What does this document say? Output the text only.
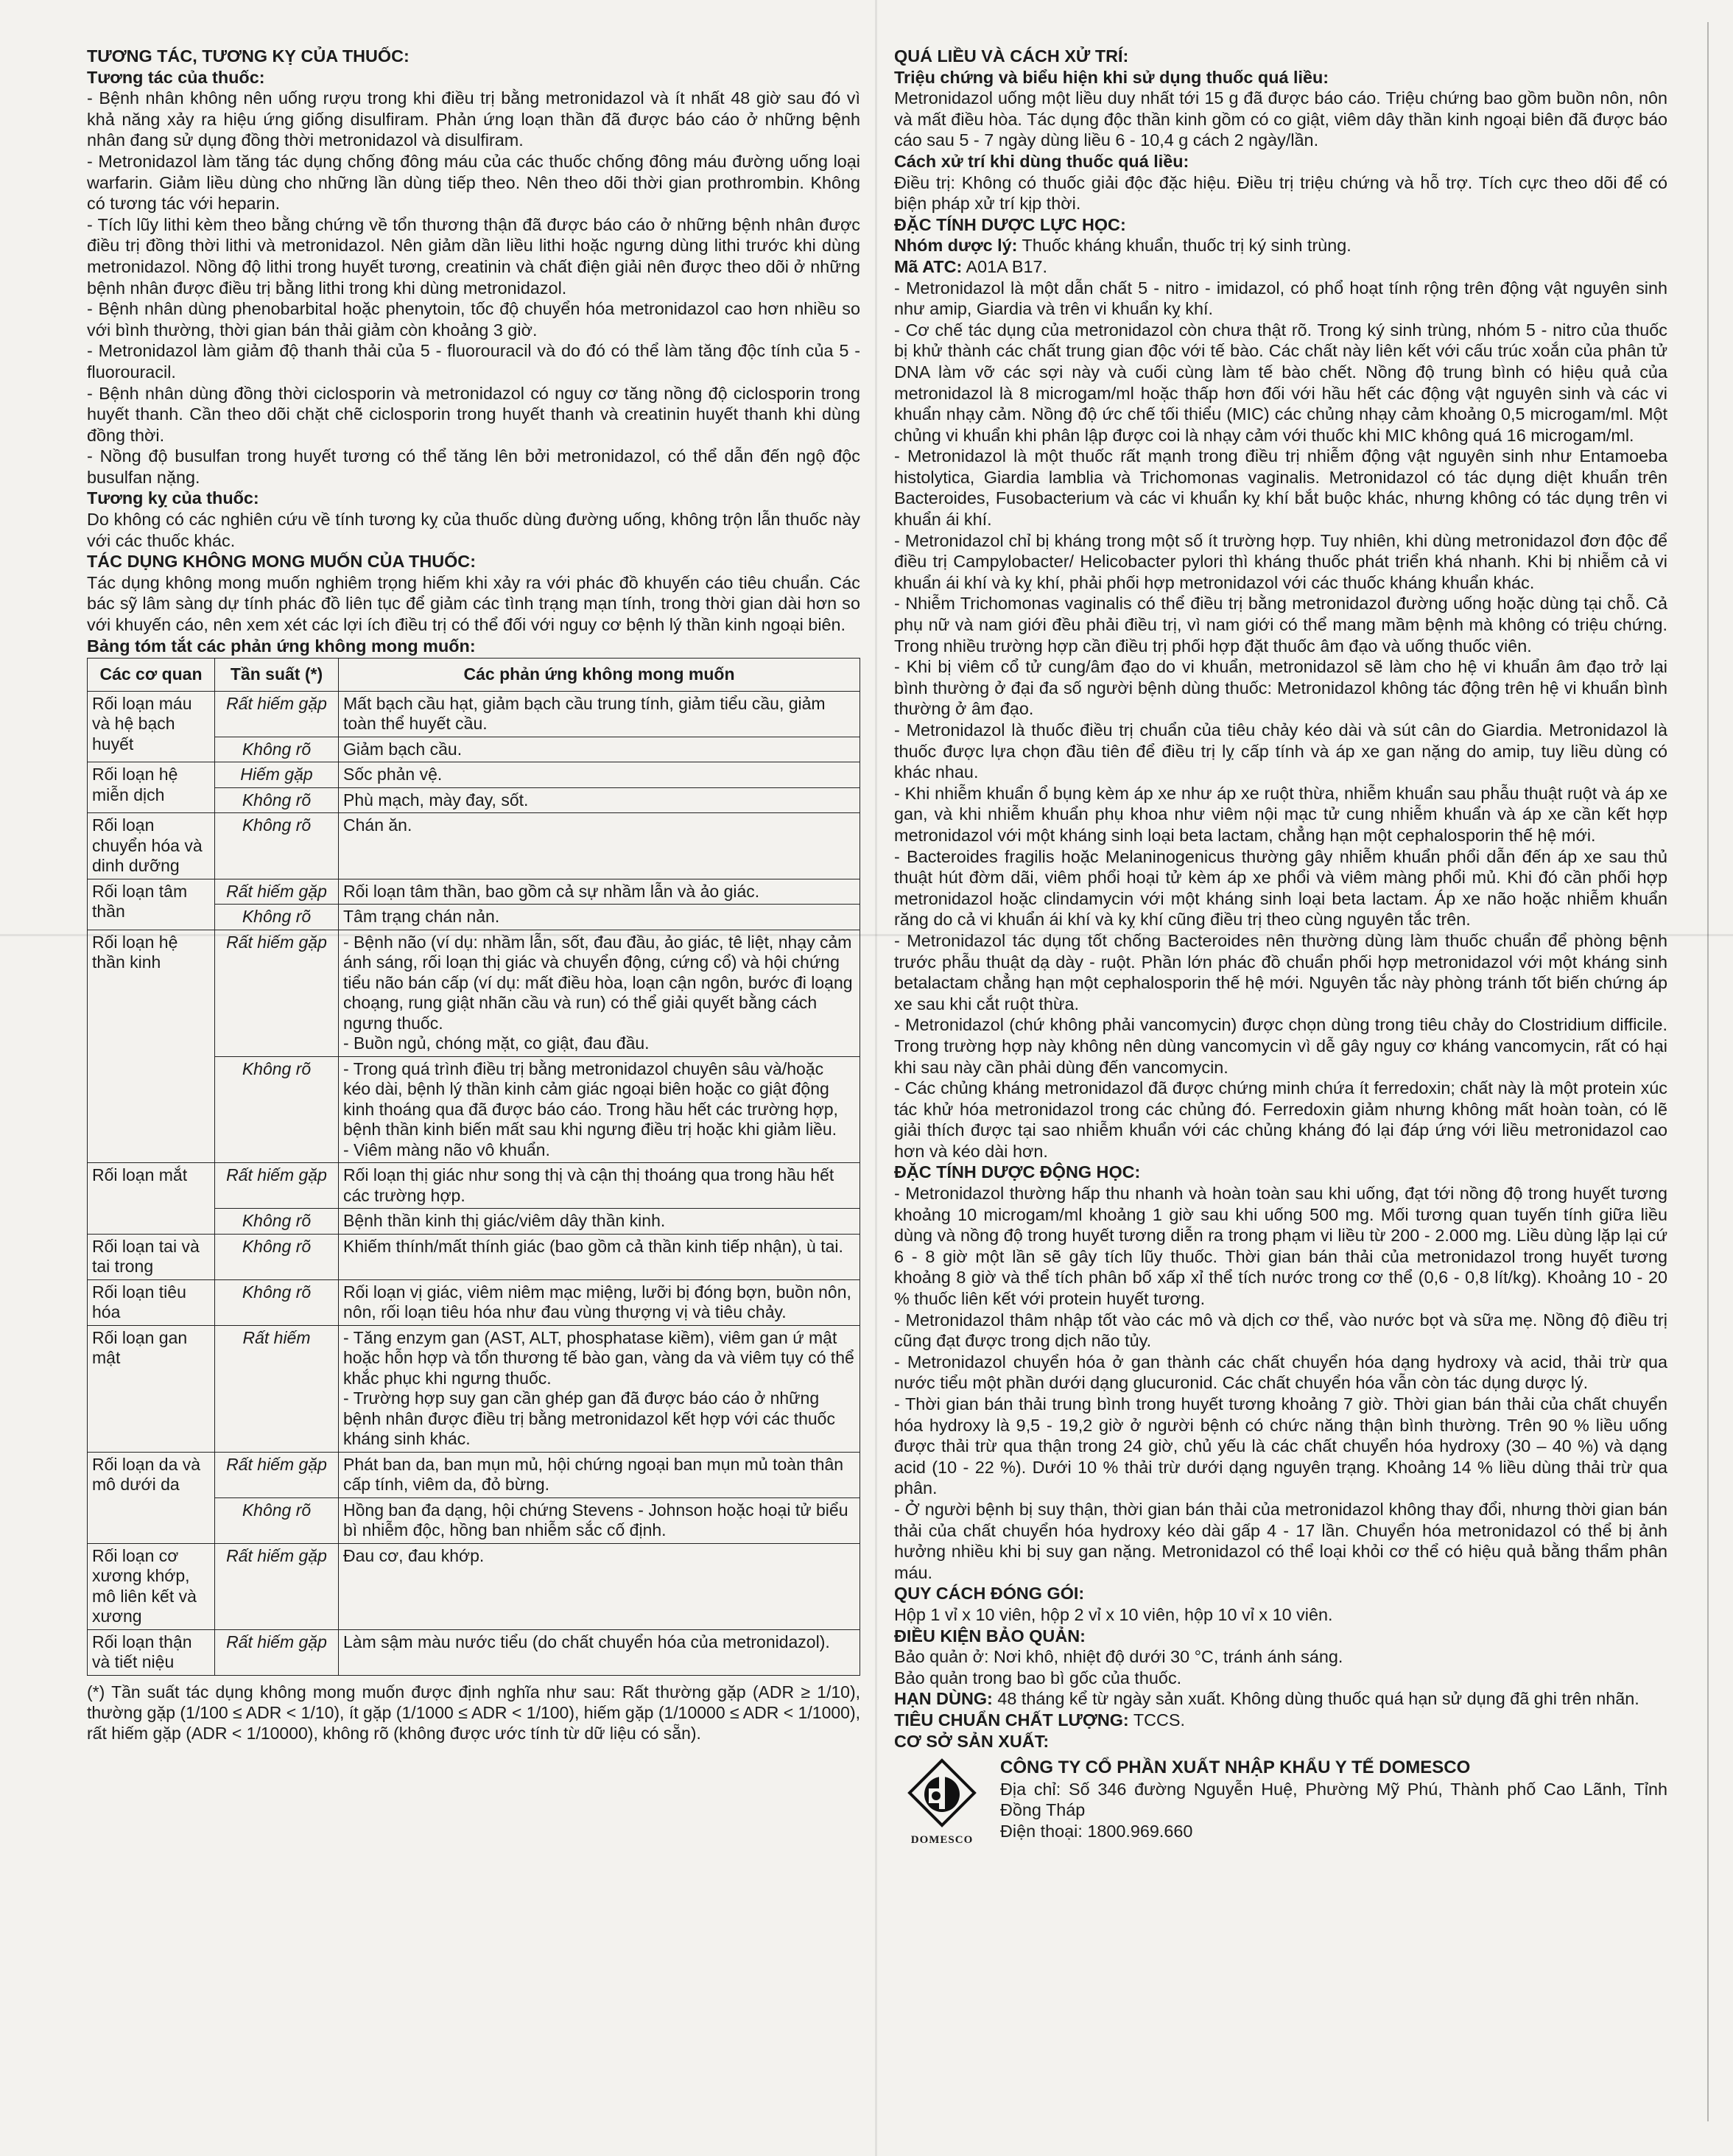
TƯƠNG TÁC, TƯƠNG KỴ CỦA THUỐC:

Tương tác của thuốc:

- Bệnh nhân không nên uống rượu trong khi điều trị bằng metronidazol và ít nhất 48 giờ sau đó vì khả năng xảy ra hiệu ứng giống disulfiram. Phản ứng loạn thần đã được báo cáo ở những bệnh nhân đang sử dụng đồng thời metronidazol và disulfiram.

- Metronidazol làm tăng tác dụng chống đông máu của các thuốc chống đông máu đường uống loại warfarin. Giảm liều dùng cho những lần dùng tiếp theo. Nên theo dõi thời gian prothrombin. Không có tương tác với heparin.

- Tích lũy lithi kèm theo bằng chứng về tổn thương thận đã được báo cáo ở những bệnh nhân được điều trị đồng thời lithi và metronidazol. Nên giảm dần liều lithi hoặc ngưng dùng lithi trước khi dùng metronidazol. Nồng độ lithi trong huyết tương, creatinin và chất điện giải nên được theo dõi ở những bệnh nhân được điều trị bằng lithi trong khi dùng metronidazol.

- Bệnh nhân dùng phenobarbital hoặc phenytoin, tốc độ chuyển hóa metronidazol cao hơn nhiều so với bình thường, thời gian bán thải giảm còn khoảng 3 giờ.

- Metronidazol làm giảm độ thanh thải của 5 - fluorouracil và do đó có thể làm tăng độc tính của 5 - fluorouracil.

- Bệnh nhân dùng đồng thời ciclosporin và metronidazol có nguy cơ tăng nồng độ ciclosporin trong huyết thanh. Cần theo dõi chặt chẽ ciclosporin trong huyết thanh và creatinin huyết thanh khi dùng đồng thời.

- Nồng độ busulfan trong huyết tương có thể tăng lên bởi metronidazol, có thể dẫn đến ngộ độc busulfan nặng.

Tương kỵ của thuốc:

Do không có các nghiên cứu về tính tương kỵ của thuốc dùng đường uống, không trộn lẫn thuốc này với các thuốc khác.

TÁC DỤNG KHÔNG MONG MUỐN CỦA THUỐC:

Tác dụng không mong muốn nghiêm trọng hiếm khi xảy ra với phác đồ khuyến cáo tiêu chuẩn. Các bác sỹ lâm sàng dự tính phác đồ liên tục để giảm các tình trạng mạn tính, trong thời gian dài hơn so với khuyến cáo, nên xem xét các lợi ích điều trị có thể đối với nguy cơ bệnh lý thần kinh ngoại biên.

Bảng tóm tắt các phản ứng không mong muốn:

Các cơ quan	Tần suất (*)	Các phản ứng không mong muốn
Rối loạn máu và hệ bạch huyết	Rất hiếm gặp	Mất bạch cầu hạt, giảm bạch cầu trung tính, giảm tiểu cầu, giảm toàn thể huyết cầu.
	Không rõ	Giảm bạch cầu.
Rối loạn hệ miễn dịch	Hiếm gặp	Sốc phản vệ.
	Không rõ	Phù mạch, mày đay, sốt.
Rối loạn chuyển hóa và dinh dưỡng	Không rõ	Chán ăn.
Rối loạn tâm thần	Rất hiếm gặp	Rối loạn tâm thần, bao gồm cả sự nhầm lẫn và ảo giác.
	Không rõ	Tâm trạng chán nản.
Rối loạn hệ thần kinh	Rất hiếm gặp	- Bệnh não (ví dụ: nhầm lẫn, sốt, đau đầu, ảo giác, tê liệt, nhạy cảm ánh sáng, rối loạn thị giác và chuyển động, cứng cổ) và hội chứng tiểu não bán cấp (ví dụ: mất điều hòa, loạn cận ngôn, bước đi loạng choạng, rung giật nhãn cầu và run) có thể giải quyết bằng cách ngưng thuốc.
- Buồn ngủ, chóng mặt, co giật, đau đầu.
	Không rõ	- Trong quá trình điều trị bằng metronidazol chuyên sâu và/hoặc kéo dài, bệnh lý thần kinh cảm giác ngoại biên hoặc co giật động kinh thoáng qua đã được báo cáo. Trong hầu hết các trường hợp, bệnh thần kinh biến mất sau khi ngưng điều trị hoặc khi giảm liều.
- Viêm màng não vô khuẩn.
Rối loạn mắt	Rất hiếm gặp	Rối loạn thị giác như song thị và cận thị thoáng qua trong hầu hết các trường hợp.
	Không rõ	Bệnh thần kinh thị giác/viêm dây thần kinh.
Rối loạn tai và tai trong	Không rõ	Khiếm thính/mất thính giác (bao gồm cả thần kinh tiếp nhận), ù tai.
Rối loạn tiêu hóa	Không rõ	Rối loạn vị giác, viêm niêm mạc miệng, lưỡi bị đóng bợn, buồn nôn, nôn, rối loạn tiêu hóa như đau vùng thượng vị và tiêu chảy.
Rối loạn gan mật	Rất hiếm	- Tăng enzym gan (AST, ALT, phosphatase kiềm), viêm gan ứ mật hoặc hỗn hợp và tổn thương tế bào gan, vàng da và viêm tụy có thể khắc phục khi ngưng thuốc.
- Trường hợp suy gan cần ghép gan đã được báo cáo ở những bệnh nhân được điều trị bằng metronidazol kết hợp với các thuốc kháng sinh khác.
Rối loạn da và mô dưới da	Rất hiếm gặp	Phát ban da, ban mụn mủ, hội chứng ngoại ban mụn mủ toàn thân cấp tính, viêm da, đỏ bừng.
	Không rõ	Hồng ban đa dạng, hội chứng Stevens - Johnson hoặc hoại tử biểu bì nhiễm độc, hồng ban nhiễm sắc cố định.
Rối loạn cơ xương khớp, mô liên kết và xương	Rất hiếm gặp	Đau cơ, đau khớp.
Rối loạn thận và tiết niệu	Rất hiếm gặp	Làm sậm màu nước tiểu (do chất chuyển hóa của metronidazol).

(*) Tần suất tác dụng không mong muốn được định nghĩa như sau: Rất thường gặp (ADR ≥ 1/10), thường gặp (1/100 ≤ ADR < 1/10), ít gặp (1/1000 ≤ ADR < 1/100), hiếm gặp (1/10000 ≤ ADR < 1/1000), rất hiếm gặp (ADR < 1/10000), không rõ (không được ước tính từ dữ liệu có sẵn).

QUÁ LIỀU VÀ CÁCH XỬ TRÍ:

Triệu chứng và biểu hiện khi sử dụng thuốc quá liều:

Metronidazol uống một liều duy nhất tới 15 g đã được báo cáo. Triệu chứng bao gồm buồn nôn, nôn và mất điều hòa. Tác dụng độc thần kinh gồm có co giật, viêm dây thần kinh ngoại biên đã được báo cáo sau 5 - 7 ngày dùng liều 6 - 10,4 g cách 2 ngày/lần.

Cách xử trí khi dùng thuốc quá liều:

Điều trị: Không có thuốc giải độc đặc hiệu. Điều trị triệu chứng và hỗ trợ. Tích cực theo dõi để có biện pháp xử trí kịp thời.

ĐẶC TÍNH DƯỢC LỰC HỌC:

Nhóm dược lý: Thuốc kháng khuẩn, thuốc trị ký sinh trùng.

Mã ATC: A01A B17.

- Metronidazol là một dẫn chất 5 - nitro - imidazol, có phổ hoạt tính rộng trên động vật nguyên sinh như amip, Giardia và trên vi khuẩn kỵ khí.

- Cơ chế tác dụng của metronidazol còn chưa thật rõ. Trong ký sinh trùng, nhóm 5 - nitro của thuốc bị khử thành các chất trung gian độc với tế bào. Các chất này liên kết với cấu trúc xoắn của phân tử DNA làm vỡ các sợi này và cuối cùng làm tế bào chết. Nồng độ trung bình có hiệu quả của metronidazol là 8 microgam/ml hoặc thấp hơn đối với hầu hết các động vật nguyên sinh và các vi khuẩn nhạy cảm. Nồng độ ức chế tối thiểu (MIC) các chủng nhạy cảm khoảng 0,5 microgam/ml. Một chủng vi khuẩn khi phân lập được coi là nhạy cảm với thuốc khi MIC không quá 16 microgam/ml.

- Metronidazol là một thuốc rất mạnh trong điều trị nhiễm động vật nguyên sinh như Entamoeba histolytica, Giardia lamblia và Trichomonas vaginalis. Metronidazol có tác dụng diệt khuẩn trên Bacteroides, Fusobacterium và các vi khuẩn kỵ khí bắt buộc khác, nhưng không có tác dụng trên vi khuẩn ái khí.

- Metronidazol chỉ bị kháng trong một số ít trường hợp. Tuy nhiên, khi dùng metronidazol đơn độc để điều trị Campylobacter/ Helicobacter pylori thì kháng thuốc phát triển khá nhanh. Khi bị nhiễm cả vi khuẩn ái khí và kỵ khí, phải phối hợp metronidazol với các thuốc kháng khuẩn khác.

- Nhiễm Trichomonas vaginalis có thể điều trị bằng metronidazol đường uống hoặc dùng tại chỗ. Cả phụ nữ và nam giới đều phải điều trị, vì nam giới có thể mang mầm bệnh mà không có triệu chứng. Trong nhiều trường hợp cần điều trị phối hợp đặt thuốc âm đạo và uống thuốc viên.

- Khi bị viêm cổ tử cung/âm đạo do vi khuẩn, metronidazol sẽ làm cho hệ vi khuẩn âm đạo trở lại bình thường ở đại đa số người bệnh dùng thuốc: Metronidazol không tác động trên hệ vi khuẩn bình thường ở âm đạo.

- Metronidazol là thuốc điều trị chuẩn của tiêu chảy kéo dài và sút cân do Giardia. Metronidazol là thuốc được lựa chọn đầu tiên để điều trị lỵ cấp tính và áp xe gan nặng do amip, tuy liều dùng có khác nhau.

- Khi nhiễm khuẩn ổ bụng kèm áp xe như áp xe ruột thừa, nhiễm khuẩn sau phẫu thuật ruột và áp xe gan, và khi nhiễm khuẩn phụ khoa như viêm nội mạc tử cung nhiễm khuẩn và áp xe cần kết hợp metronidazol với một kháng sinh loại beta lactam, chẳng hạn một cephalosporin thế hệ mới.

- Bacteroides fragilis hoặc Melaninogenicus thường gây nhiễm khuẩn phổi dẫn đến áp xe sau thủ thuật hút đờm dãi, viêm phổi hoại tử kèm áp xe phổi và viêm màng phổi mủ. Khi đó cần phối hợp metronidazol hoặc clindamycin với một kháng sinh loại beta lactam. Áp xe não hoặc nhiễm khuẩn răng do cả vi khuẩn ái khí và kỵ khí cũng điều trị theo cùng nguyên tắc trên.

- Metronidazol tác dụng tốt chống Bacteroides nên thường dùng làm thuốc chuẩn để phòng bệnh trước phẫu thuật dạ dày - ruột. Phần lớn phác đồ chuẩn phối hợp metronidazol với một kháng sinh betalactam chẳng hạn một cephalosporin thế hệ mới. Nguyên tắc này phòng tránh tốt biến chứng áp xe sau khi cắt ruột thừa.

- Metronidazol (chứ không phải vancomycin) được chọn dùng trong tiêu chảy do Clostridium difficile. Trong trường hợp này không nên dùng vancomycin vì dễ gây nguy cơ kháng vancomycin, rất có hại khi sau này cần phải dùng đến vancomycin.

- Các chủng kháng metronidazol đã được chứng minh chứa ít ferredoxin; chất này là một protein xúc tác khử hóa metronidazol trong các chủng đó. Ferredoxin giảm nhưng không mất hoàn toàn, có lẽ giải thích được tại sao nhiễm khuẩn với các chủng kháng đó lại đáp ứng với liều metronidazol cao hơn và kéo dài hơn.

ĐẶC TÍNH DƯỢC ĐỘNG HỌC:

- Metronidazol thường hấp thu nhanh và hoàn toàn sau khi uống, đạt tới nồng độ trong huyết tương khoảng 10 microgam/ml khoảng 1 giờ sau khi uống 500 mg. Mối tương quan tuyến tính giữa liều dùng và nồng độ trong huyết tương diễn ra trong phạm vi liều từ 200 - 2.000 mg. Liều dùng lặp lại cứ 6 - 8 giờ một lần sẽ gây tích lũy thuốc. Thời gian bán thải của metronidazol trong huyết tương khoảng 8 giờ và thể tích phân bố xấp xỉ thể tích nước trong cơ thể (0,6 - 0,8 lít/kg). Khoảng 10 - 20 % thuốc liên kết với protein huyết tương.

- Metronidazol thâm nhập tốt vào các mô và dịch cơ thể, vào nước bọt và sữa mẹ. Nồng độ điều trị cũng đạt được trong dịch não tủy.

- Metronidazol chuyển hóa ở gan thành các chất chuyển hóa dạng hydroxy và acid, thải trừ qua nước tiểu một phần dưới dạng glucuronid. Các chất chuyển hóa vẫn còn tác dụng dược lý.

- Thời gian bán thải trung bình trong huyết tương khoảng 7 giờ. Thời gian bán thải của chất chuyển hóa hydroxy là 9,5 - 19,2 giờ ở người bệnh có chức năng thận bình thường. Trên 90 % liều uống được thải trừ qua thận trong 24 giờ, chủ yếu là các chất chuyển hóa hydroxy (30 – 40 %) và dạng acid (10 - 22 %). Dưới 10 % thải trừ dưới dạng nguyên trạng. Khoảng 14 % liều dùng thải trừ qua phân.

- Ở người bệnh bị suy thận, thời gian bán thải của metronidazol không thay đổi, nhưng thời gian bán thải của chất chuyển hóa hydroxy kéo dài gấp 4 - 17 lần. Chuyển hóa metronidazol có thể bị ảnh hưởng nhiều khi bị suy gan nặng. Metronidazol có thể loại khỏi cơ thể có hiệu quả bằng thẩm phân máu.

QUY CÁCH ĐÓNG GÓI:

Hộp 1 vỉ x 10 viên, hộp 2 vỉ x 10 viên, hộp 10 vỉ x 10 viên.

ĐIỀU KIỆN BẢO QUẢN:

Bảo quản ở: Nơi khô, nhiệt độ dưới 30 °C, tránh ánh sáng.

Bảo quản trong bao bì gốc của thuốc.

HẠN DÙNG: 48 tháng kể từ ngày sản xuất. Không dùng thuốc quá hạn sử dụng đã ghi trên nhãn.

TIÊU CHUẨN CHẤT LƯỢNG: TCCS.

CƠ SỞ SẢN XUẤT:

DOMESCO
CÔNG TY CỔ PHẦN XUẤT NHẬP KHẨU Y TẾ DOMESCO
Địa chỉ: Số 346 đường Nguyễn Huệ, Phường Mỹ Phú, Thành phố Cao Lãnh, Tỉnh Đồng Tháp
Điện thoại: 1800.969.660
